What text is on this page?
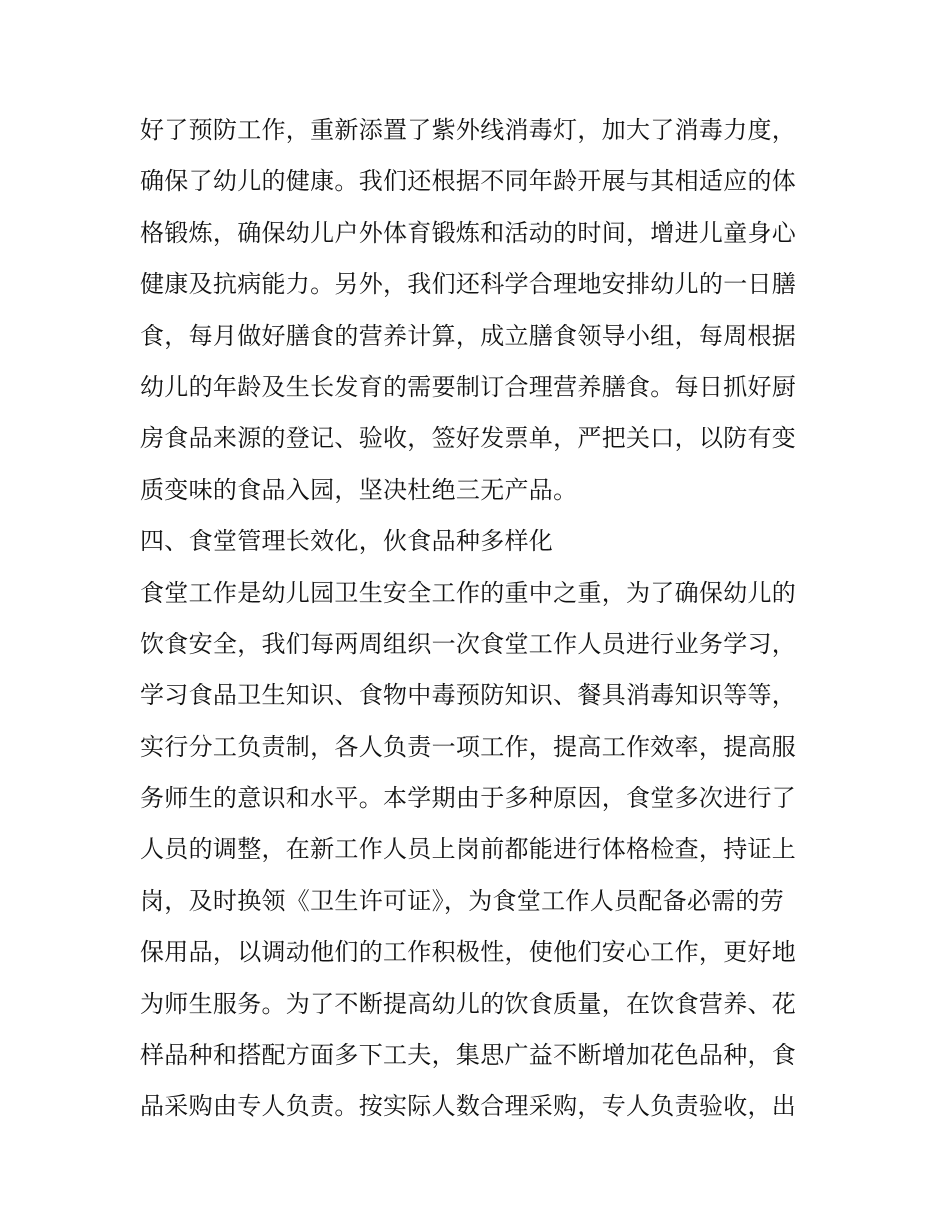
好了预防工作，重新添置了紫外线消毒灯，加大了消毒力度，
确保了幼儿的健康。我们还根据不同年龄开展与其相适应的体
格锻炼，确保幼儿户外体育锻炼和活动的时间，增进儿童身心
健康及抗病能力。另外，我们还科学合理地安排幼儿的一日膳
食，每月做好膳食的营养计算，成立膳食领导小组，每周根据
幼儿的年龄及生长发育的需要制订合理营养膳食。每日抓好厨
房食品来源的登记、验收，签好发票单，严把关口，以防有变
质变味的食品入园，坚决杜绝三无产品。
四、食堂管理长效化，伙食品种多样化
食堂工作是幼儿园卫生安全工作的重中之重，为了确保幼儿的
饮食安全，我们每两周组织一次食堂工作人员进行业务学习，
学习食品卫生知识、食物中毒预防知识、餐具消毒知识等等，
实行分工负责制，各人负责一项工作，提高工作效率，提高服
务师生的意识和水平。本学期由于多种原因，食堂多次进行了
人员的调整，在新工作人员上岗前都能进行体格检查，持证上
岗，及时换领《卫生许可证》，为食堂工作人员配备必需的劳
保用品，以调动他们的工作积极性，使他们安心工作，更好地
为师生服务。为了不断提高幼儿的饮食质量，在饮食营养、花
样品种和搭配方面多下工夫，集思广益不断增加花色品种，食
品采购由专人负责。按实际人数合理采购，专人负责验收，出
